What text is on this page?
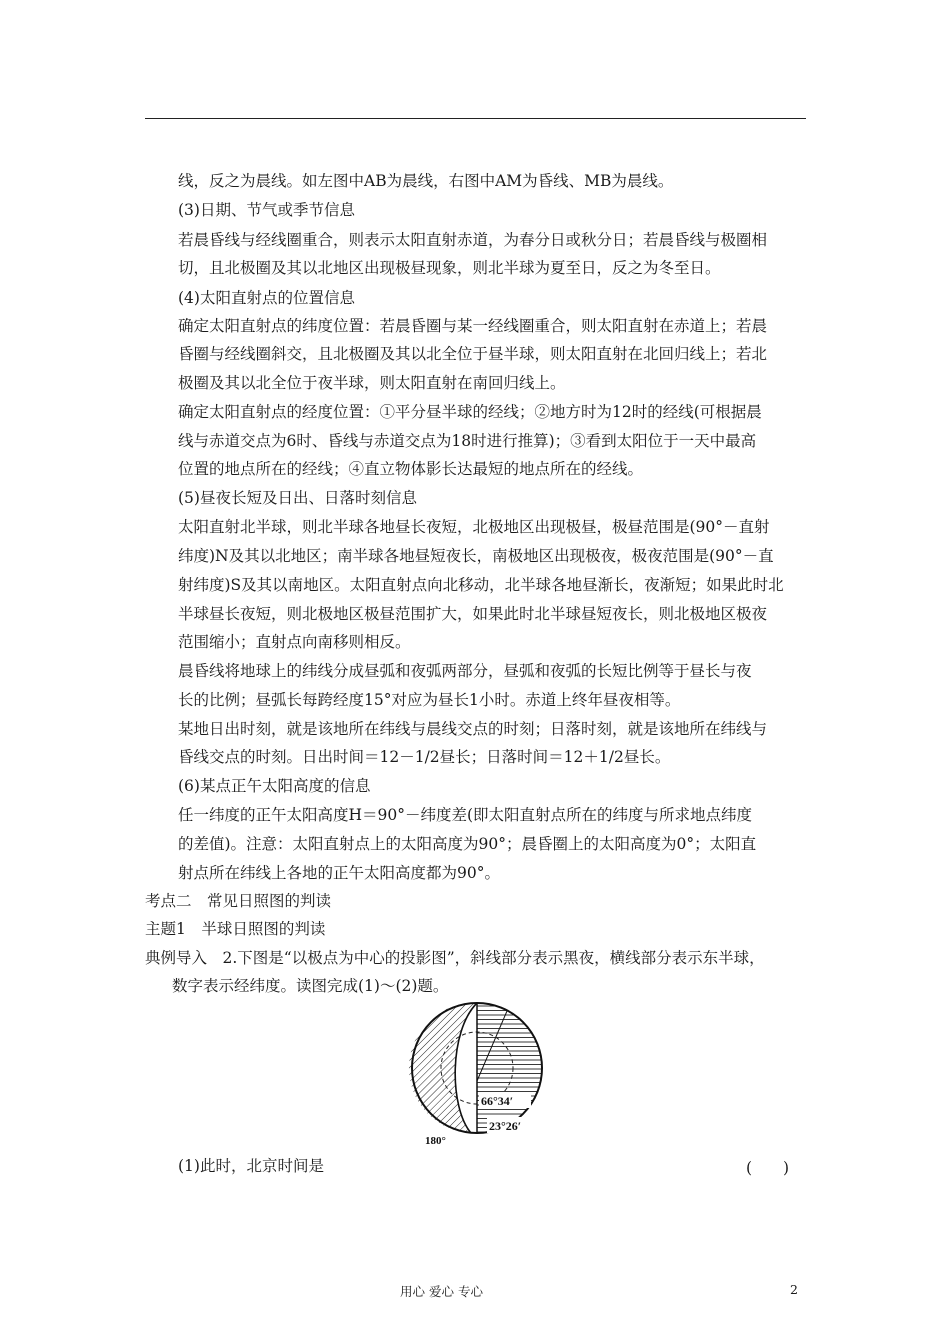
线，反之为晨线。如左图中AB为晨线，右图中AM为昏线、MB为晨线。
(3)日期、节气或季节信息
若晨昏线与经线圈重合，则表示太阳直射赤道，为春分日或秋分日；若晨昏线与极圈相
切，且北极圈及其以北地区出现极昼现象，则北半球为夏至日，反之为冬至日。
(4)太阳直射点的位置信息
确定太阳直射点的纬度位置：若晨昏圈与某一经线圈重合，则太阳直射在赤道上；若晨
昏圈与经线圈斜交，且北极圈及其以北全位于昼半球，则太阳直射在北回归线上；若北
极圈及其以北全位于夜半球，则太阳直射在南回归线上。
确定太阳直射点的经度位置：①平分昼半球的经线；②地方时为12时的经线(可根据晨
线与赤道交点为6时、昏线与赤道交点为18时进行推算)；③看到太阳位于一天中最高
位置的地点所在的经线；④直立物体影长达最短的地点所在的经线。
(5)昼夜长短及日出、日落时刻信息
太阳直射北半球，则北半球各地昼长夜短，北极地区出现极昼，极昼范围是(90°－直射
纬度)N及其以北地区；南半球各地昼短夜长，南极地区出现极夜，极夜范围是(90°－直
射纬度)S及其以南地区。太阳直射点向北移动，北半球各地昼渐长，夜渐短；如果此时北
半球昼长夜短，则北极地区极昼范围扩大，如果此时北半球昼短夜长，则北极地区极夜
范围缩小；直射点向南移则相反。
晨昏线将地球上的纬线分成昼弧和夜弧两部分，昼弧和夜弧的长短比例等于昼长与夜
长的比例；昼弧长每跨经度15°对应为昼长1小时。赤道上终年昼夜相等。
某地日出时刻，就是该地所在纬线与晨线交点的时刻；日落时刻，就是该地所在纬线与
昏线交点的时刻。日出时间＝12－1/2昼长；日落时间＝12＋1/2昼长。
(6)某点正午太阳高度的信息
任一纬度的正午太阳高度H＝90°－纬度差(即太阳直射点所在的纬度与所求地点纬度
的差值)。注意：太阳直射点上的太阳高度为90°；晨昏圈上的太阳高度为0°；太阳直
射点所在纬线上各地的正午太阳高度都为90°。
考点二　常见日照图的判读
主题1　半球日照图的判读
典例导入　2.下图是“以极点为中心的投影图”，斜线部分表示黑夜，横线部分表示东半球，
数字表示经纬度。读图完成(1)～(2)题。
66°34′
23°26′
180°
(1)此时，北京时间是	(　　)
用心 爱心 专心	2
